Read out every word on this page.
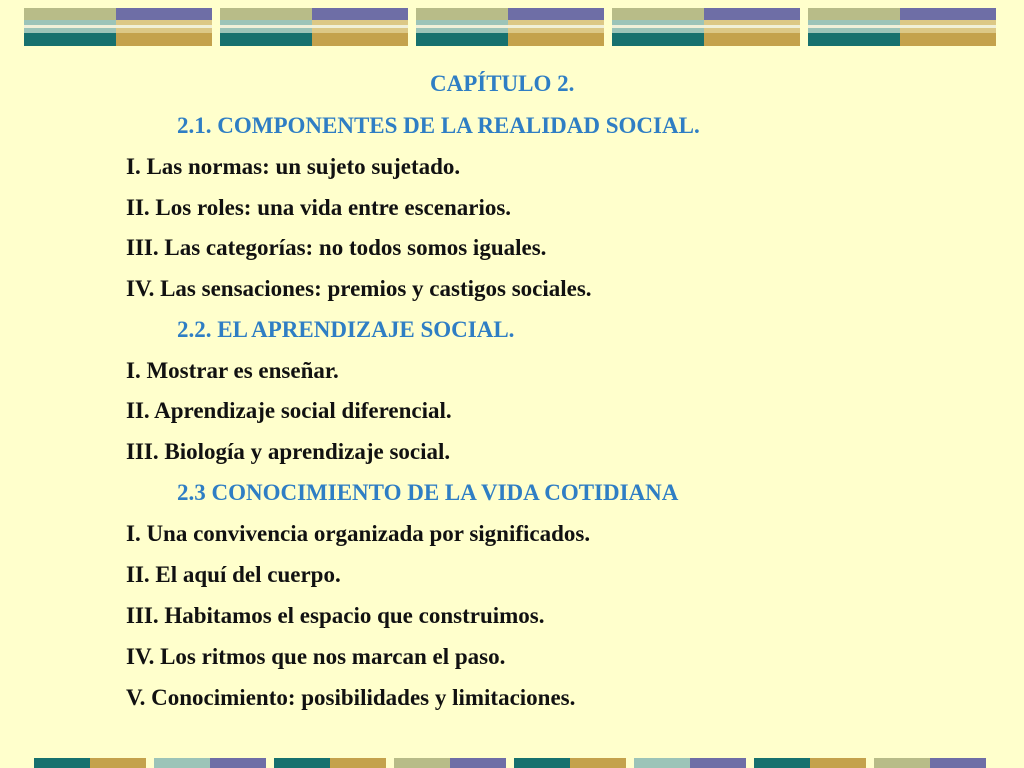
CAPÍTULO 2.
2.1. COMPONENTES DE LA REALIDAD SOCIAL.
I. Las normas: un sujeto sujetado.
II. Los roles: una vida entre escenarios.
III. Las categorías: no todos somos iguales.
IV. Las sensaciones: premios y castigos sociales.
2.2. EL APRENDIZAJE SOCIAL.
I. Mostrar es enseñar.
II. Aprendizaje social diferencial.
III. Biología y aprendizaje social.
2.3 CONOCIMIENTO DE LA VIDA COTIDIANA
I. Una convivencia organizada por significados.
II. El aquí del cuerpo.
III. Habitamos el espacio que construimos.
IV. Los ritmos que nos marcan el paso.
V. Conocimiento: posibilidades y limitaciones.
